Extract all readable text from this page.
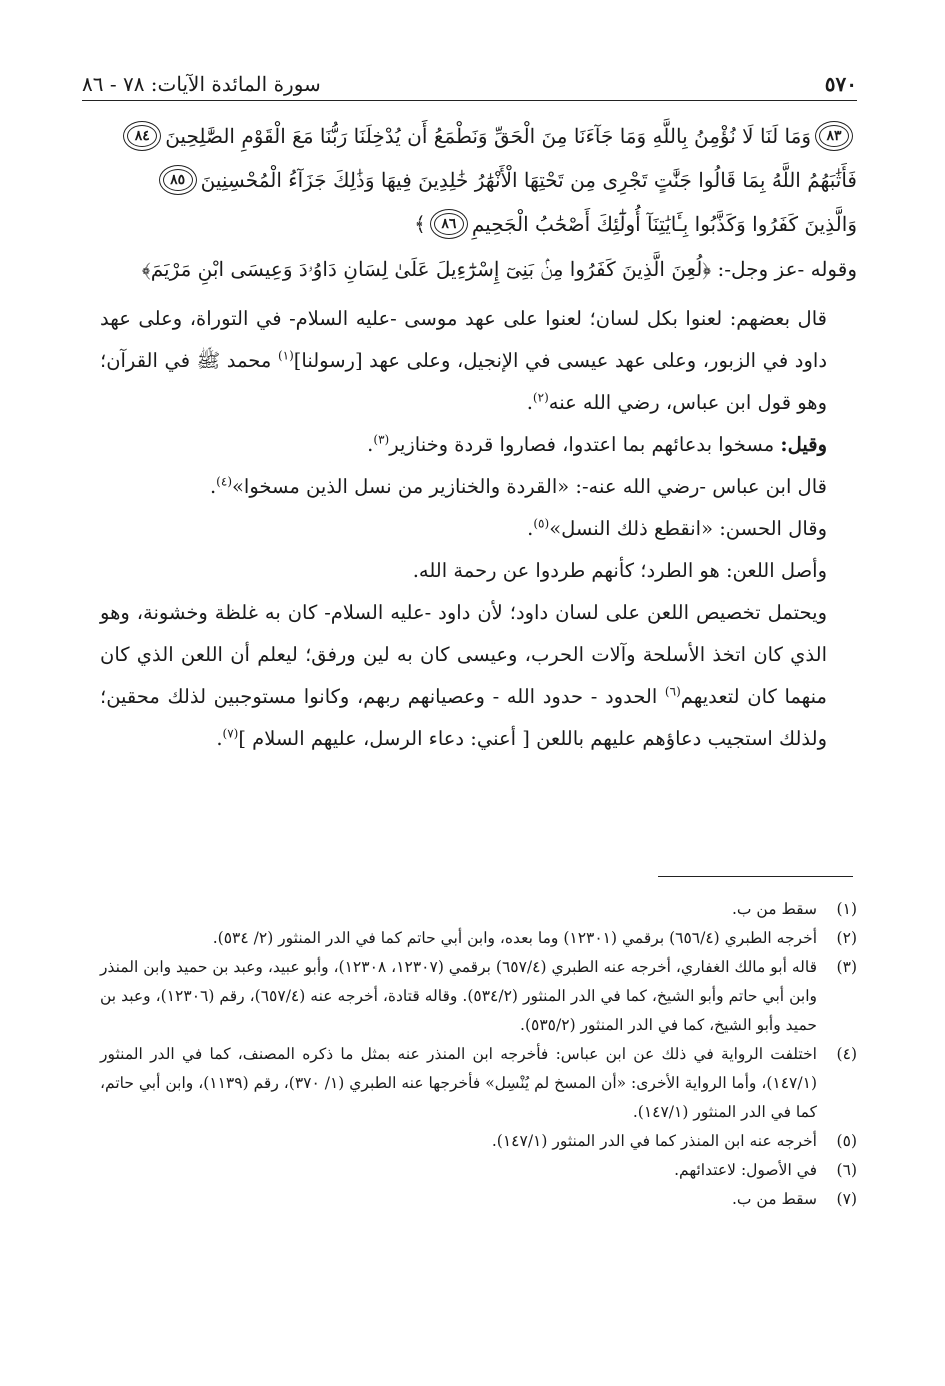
٥٧٠
سورة المائدة الآيات: ٧٨ - ٨٦
٨٣
وَمَا لَنَا لَا نُؤْمِنُ بِاللَّهِ وَمَا جَآءَنَا مِنَ الْحَقِّ وَنَطْمَعُ أَن يُدْخِلَنَا رَبُّنَا مَعَ الْقَوْمِ الصَّٰلِحِينَ
٨٤
فَأَثَٰبَهُمُ اللَّهُ بِمَا قَالُوا جَنَّٰتٍ تَجْرِى مِن تَحْتِهَا الْأَنْهَٰرُ خَٰلِدِينَ فِيهَا وَذَٰلِكَ جَزَآءُ الْمُحْسِنِينَ
٨٥
وَالَّذِينَ كَفَرُوا وَكَذَّبُوا بِـَٔايَٰتِنَآ أُولَٰٓئِكَ أَصْحَٰبُ الْجَحِيمِ
٨٦
﴾

وقوله -عز وجل-: ﴿لُعِنَ الَّذِينَ كَفَرُوا مِنۢ بَنِىٓ إِسْرَٰٓءِيلَ عَلَىٰ لِسَانِ دَاوُۥدَ وَعِيسَى ابْنِ مَرْيَمَ﴾

قال بعضهم: لعنوا بكل لسان؛ لعنوا على عهد موسى -عليه السلام- في التوراة، وعلى عهد داود في الزبور، وعلى عهد عيسى في الإنجيل، وعلى عهد [رسولنا]$^{(١)}$ محمد ﷺ في القرآن؛ وهو قول ابن عباس، رضي الله عنه$^{(٢)}$.

وقيل: مسخوا بدعائهم بما اعتدوا، فصاروا قردة وخنازير$^{(٣)}$.

قال ابن عباس -رضي الله عنه-: «القردة والخنازير من نسل الذين مسخوا»$^{(٤)}$.

وقال الحسن: «انقطع ذلك النسل»$^{(٥)}$.

وأصل اللعن: هو الطرد؛ كأنهم طردوا عن رحمة الله.

ويحتمل تخصيص اللعن على لسان داود؛ لأن داود -عليه السلام- كان به غلظة وخشونة، وهو الذي كان اتخذ الأسلحة وآلات الحرب، وعيسى كان به لين ورفق؛ ليعلم أن اللعن الذي كان منهما كان لتعديهم$^{(٦)}$ الحدود - حدود الله - وعصيانهم ربهم، وكانوا مستوجبين لذلك محقين؛ ولذلك استجيب دعاؤهم عليهم باللعن [ أعني: دعاء الرسل، عليهم السلام ]$^{(٧)}$.

(١)
سقط من ب.
(٢)
أخرجه الطبري (٦٥٦/٤) برقمي (١٢٣٠١) وما بعده، وابن أبي حاتم كما في الدر المنثور (٢/ ٥٣٤).
(٣)
قاله أبو مالك الغفاري، أخرجه عنه الطبري (٦٥٧/٤) برقمي (١٢٣٠٧، ١٢٣٠٨)، وأبو عبيد، وعبد بن حميد وابن المنذر وابن أبي حاتم وأبو الشيخ، كما في الدر المنثور (٥٣٤/٢). وقاله قتادة، أخرجه عنه (٦٥٧/٤)، رقم (١٢٣٠٦)، وعبد بن حميد وأبو الشيخ، كما في الدر المنثور (٥٣٥/٢).
(٤)
اختلفت الرواية في ذلك عن ابن عباس: فأخرجه ابن المنذر عنه بمثل ما ذكره المصنف، كما في الدر المنثور (١٤٧/١)، وأما الرواية الأخرى: «أن المسخ لم يُنْسِل» فأخرجها عنه الطبري (١/ ٣٧٠)، رقم (١١٣٩)، وابن أبي حاتم، كما في الدر المنثور (١٤٧/١).
(٥)
أخرجه عنه ابن المنذر كما في الدر المنثور (١٤٧/١).
(٦)
في الأصول: لاعتدائهم.
(٧)
سقط من ب.
